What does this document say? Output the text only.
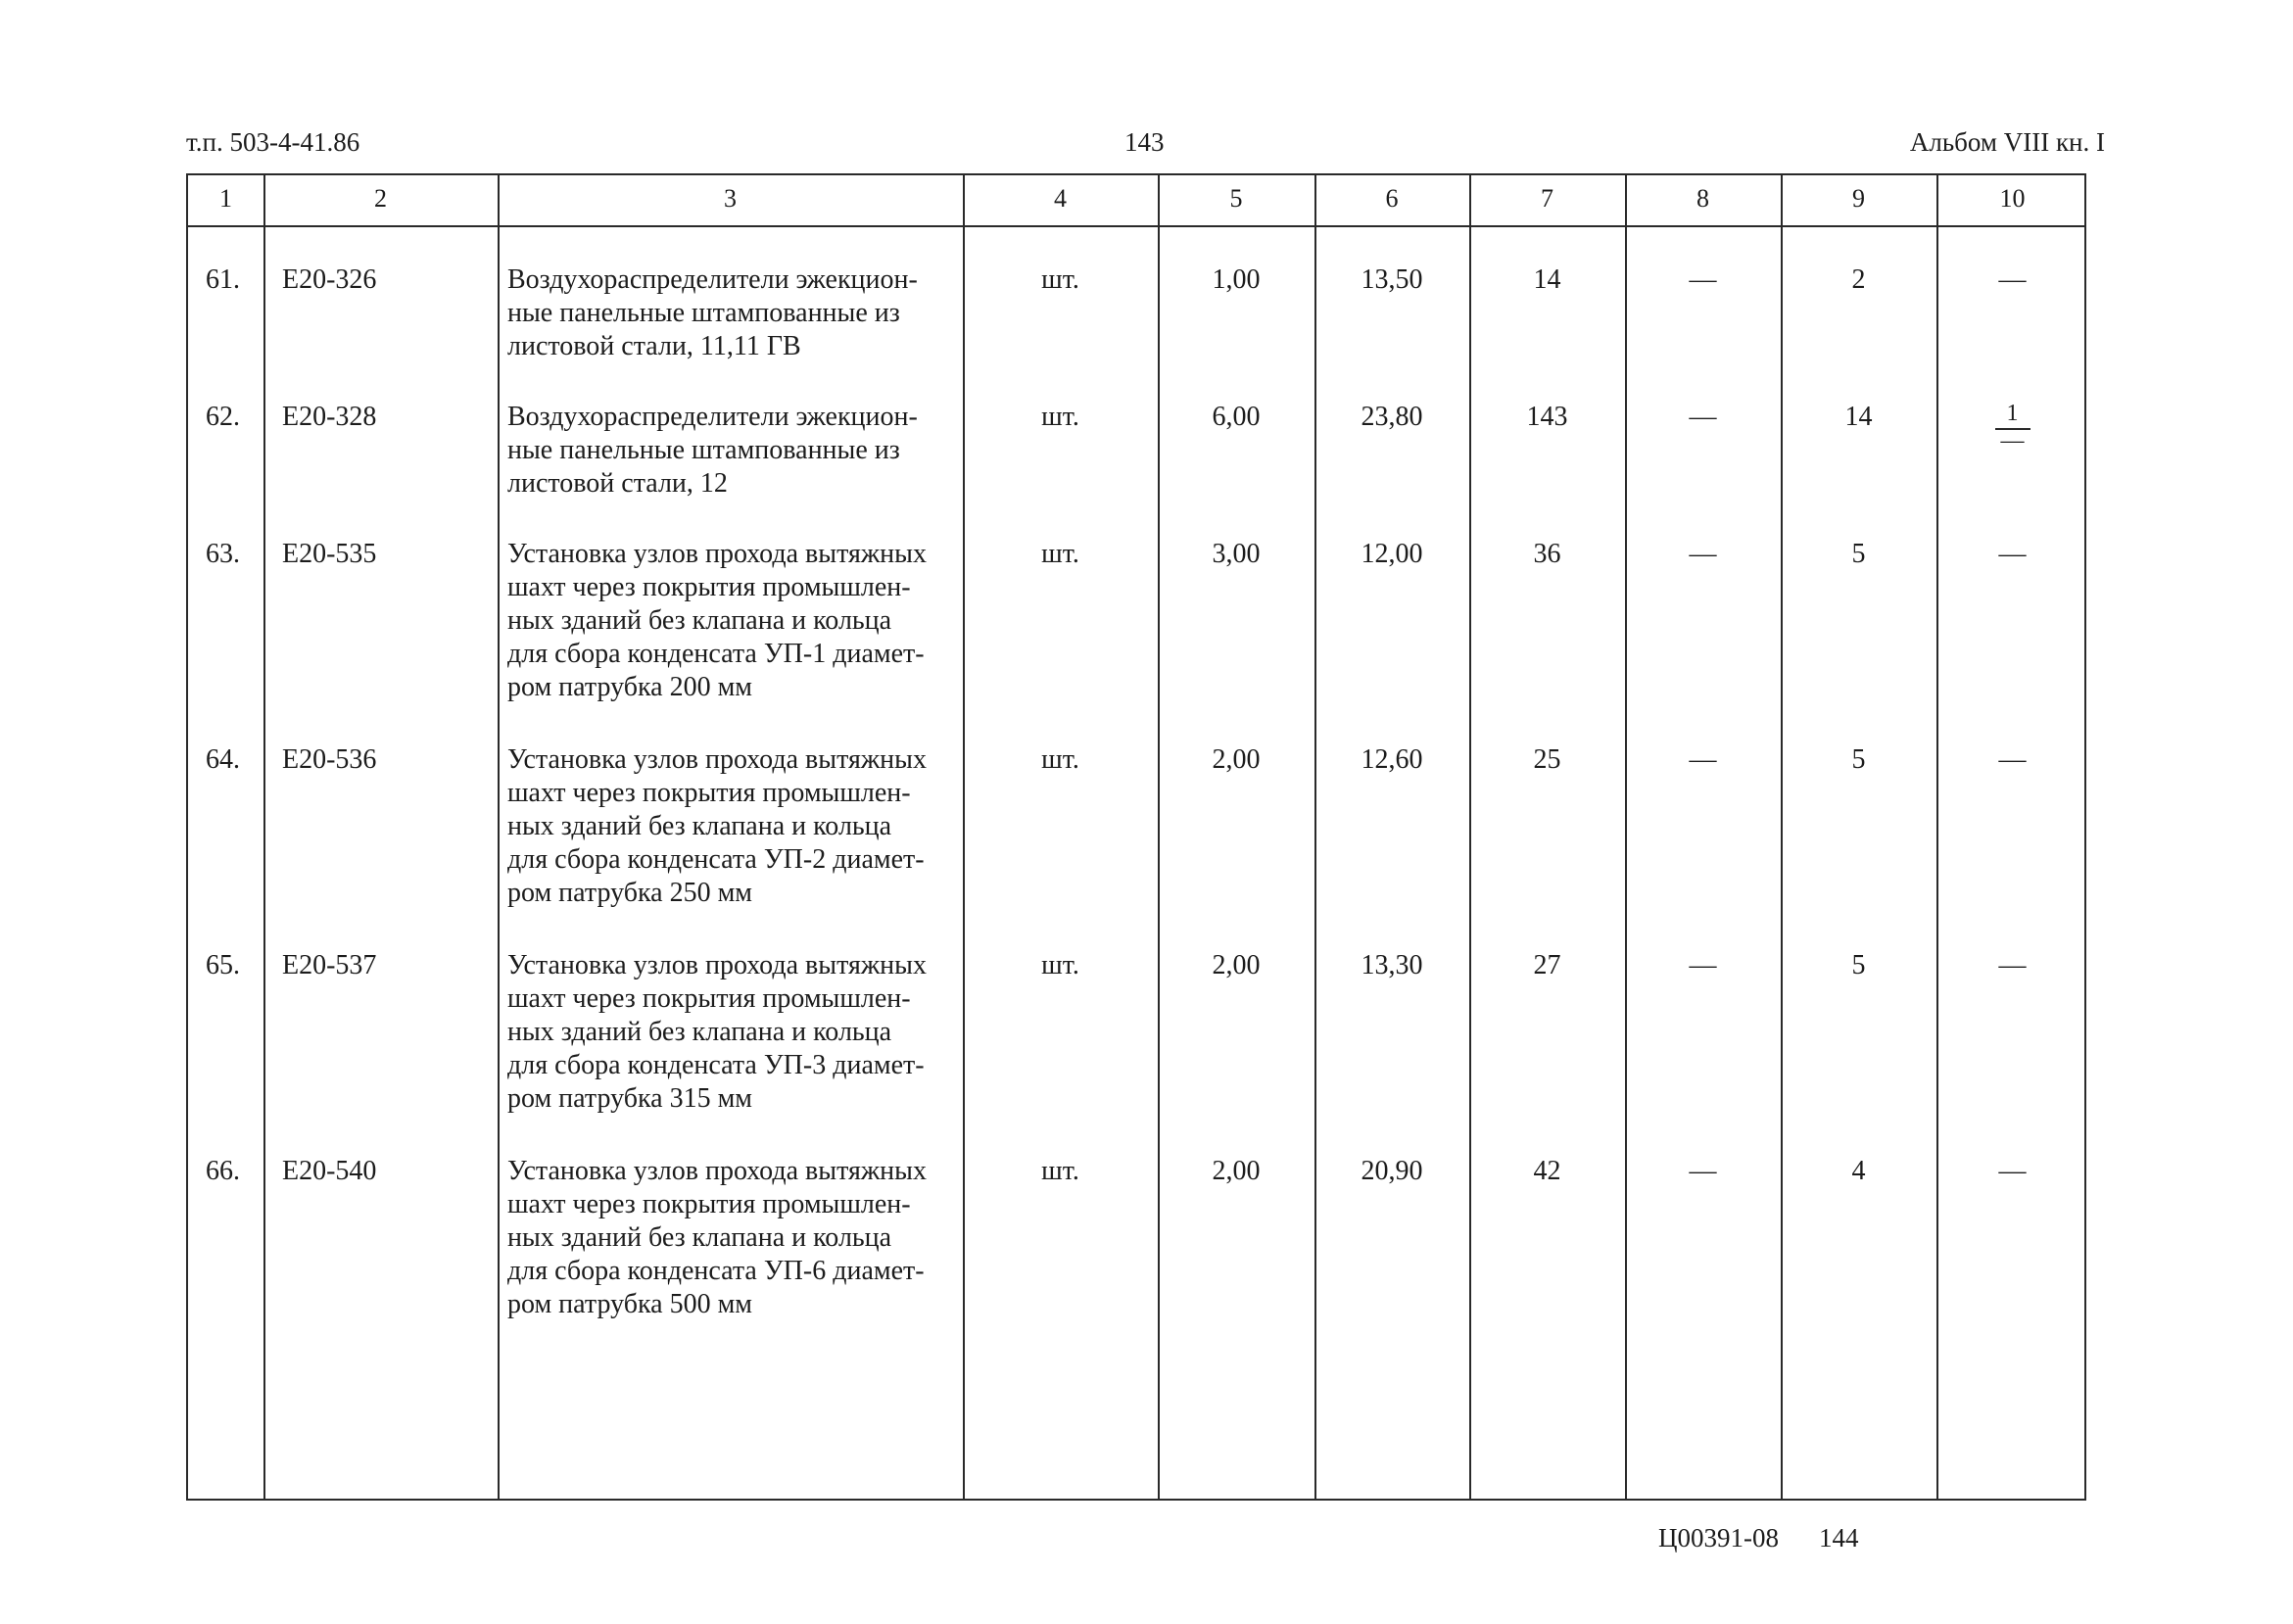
т.п. 503-4-41.86	143	Альбом VIII кн. I
1	2	3	4	5	6	7	8	9	10
61. Е20-326	Воздухораспределители эжекцион-
ные панельные штампованные из
листовой стали, 11,11 ГВ
шт.	1,00	13,50	14	—	2	—
62. Е20-328	Воздухораспределители эжекцион-
ные панельные штампованные из
листовой стали, 12
шт.	6,00	23,80	143	—	14	$\frac{1}{—}$
63. Е20-535	Установка узлов прохода вытяжных
шахт через покрытия промышлен-
ных зданий без клапана и кольца
для сбора конденсата УП-1 диамет-
ром патрубка 200 мм
шт.	3,00	12,00	36	—	5	—
64. Е20-536	Установка узлов прохода вытяжных
шахт через покрытия промышлен-
ных зданий без клапана и кольца
для сбора конденсата УП-2 диамет-
ром патрубка 250 мм
шт.	2,00	12,60	25	—	5	—
65. Е20-537	Установка узлов прохода вытяжных
шахт через покрытия промышлен-
ных зданий без клапана и кольца
для сбора конденсата УП-3 диамет-
ром патрубка 315 мм
шт.	2,00	13,30	27	—	5	—
66. Е20-540	Установка узлов прохода вытяжных
шахт через покрытия промышлен-
ных зданий без клапана и кольца
для сбора конденсата УП-6 диамет-
ром патрубка 500 мм
шт.	2,00	20,90	42	—	4	—
Ц00391-08 144
